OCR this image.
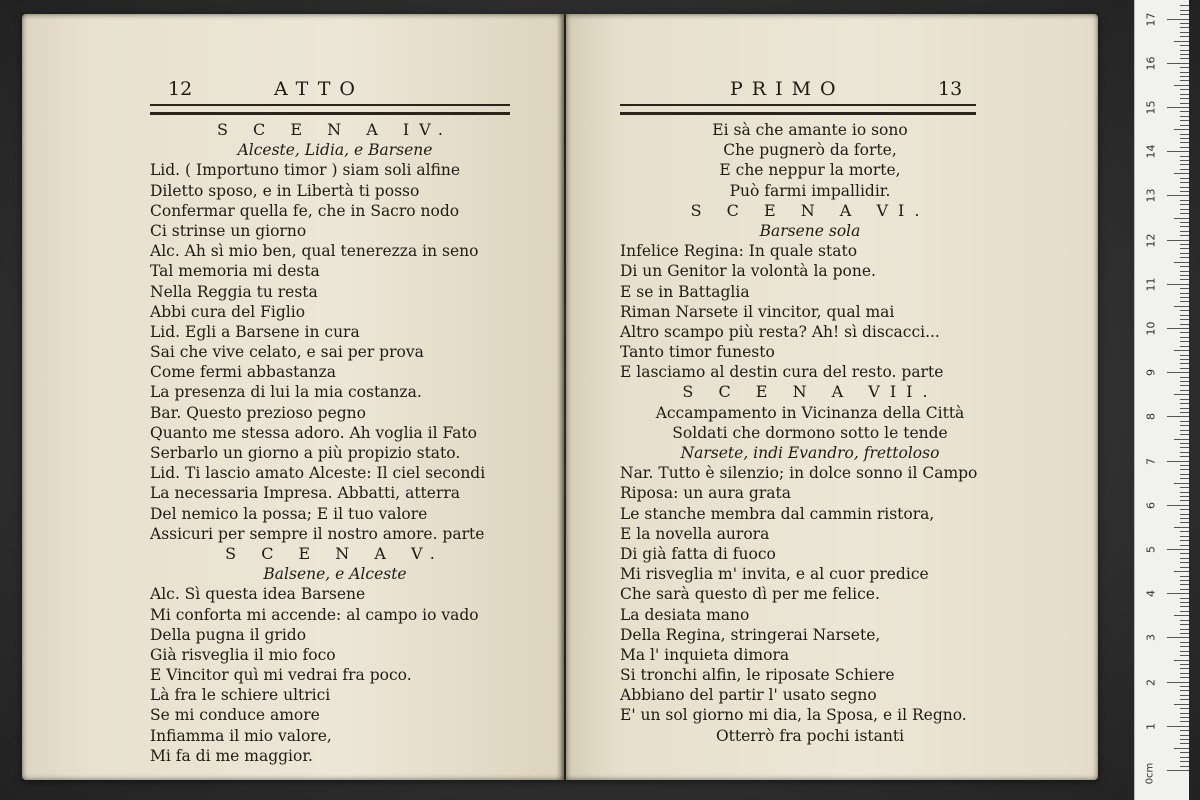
12	ATTO
S C E N A IV.
Alceste, Lidia, e Barsene
Lid. ( Importuno timor ) siam soli alfine
Diletto sposo, e in Libertà ti posso
Confermar quella fe, che in Sacro nodo
Ci strinse un giorno
Alc. Ah sì mio ben, qual tenerezza in seno
Tal memoria mi desta
Nella Reggia tu resta
Abbi cura del Figlio
Lid. Egli a Barsene in cura
Sai che vive celato, e sai per prova
Come fermi abbastanza
La presenza di lui la mia costanza.
Bar. Questo prezioso pegno
Quanto me stessa adoro. Ah voglia il Fato
Serbarlo un giorno a più propizio stato.
Lid. Ti lascio amato Alceste: Il ciel secondi
La necessaria Impresa. Abbatti, atterra
Del nemico la possa; E il tuo valore
Assicuri per sempre il nostro amore. parte
S C E N A V.
Balsene, e Alceste
Alc. Sì questa idea Barsene
Mi conforta mi accende: al campo io vado
Della pugna il grido
Già risveglia il mio foco
E Vincitor quì mi vedrai fra poco.
Là fra le schiere ultrici
Se mi conduce amore
Infiamma il mio valore,
Mi fa di me maggior.
PRIMO	13
Ei sà che amante io sono
Che pugnerò da forte,
E che neppur la morte,
Può farmi impallidir.
S C E N A VI.
Barsene sola
Infelice Regina: In quale stato
Di un Genitor la volontà la pone.
E se in Battaglia
Riman Narsete il vincitor, qual mai
Altro scampo più resta? Ah! sì discacci...
Tanto timor funesto
E lasciamo al destin cura del resto. parte
S C E N A VII.
Accampamento in Vicinanza della Città
Soldati che dormono sotto le tende
Narsete, indi Evandro, frettoloso
Nar. Tutto è silenzio; in dolce sonno il Campo
Riposa: un aura grata
Le stanche membra dal cammin ristora,
E la novella aurora
Di già fatta di fuoco
Mi risveglia m' invita, e al cuor predice
Che sarà questo dì per me felice.
La desiata mano
Della Regina, stringerai Narsete,
Ma l' inquieta dimora
Si tronchi alfin, le riposate Schiere
Abbiano del partir l' usato segno
E' un sol giorno mi dia, la Sposa, e il Regno.
Otterrò fra pochi istanti
0cm
1
2
3
4
5
6
7
8
9
10
11
12
13
14
15
16
17
